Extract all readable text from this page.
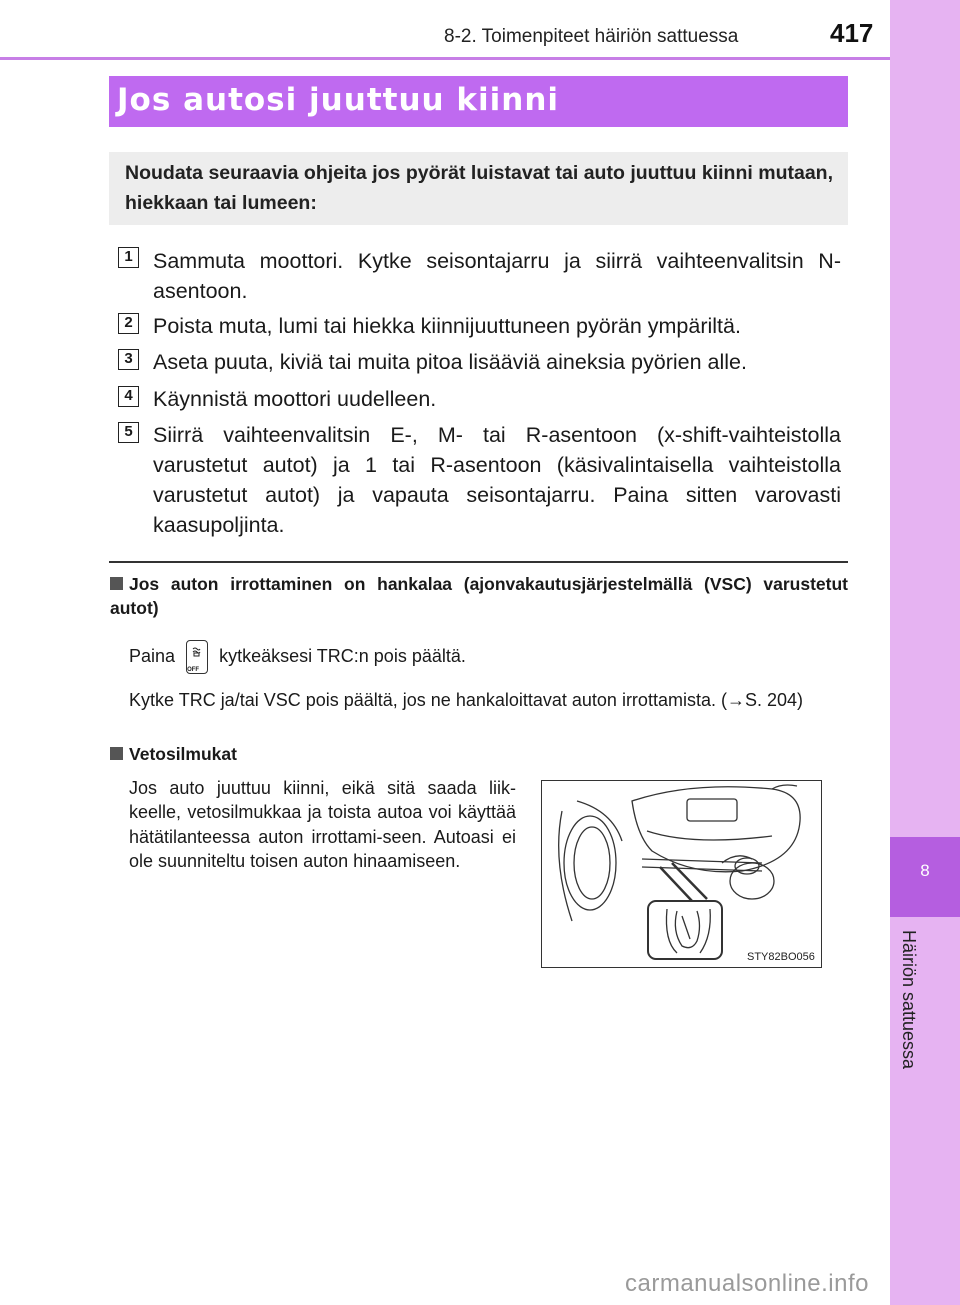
8-2. Toimenpiteet häiriön sattuessa	417
8
Häiriön sattuessa
Jos autosi juuttuu kiinni

Noudata seuraavia ohjeita jos pyörät luistavat tai auto juuttuu kiinni mutaan, hiekkaan tai lumeen:

1 Sammuta moottori. Kytke seisontajarru ja siirrä vaihteenvalitsin N-asentoon.
2 Poista muta, lumi tai hiekka kiinnijuuttuneen pyörän ympäriltä.
3 Aseta puuta, kiviä tai muita pitoa lisääviä aineksia pyörien alle.
4 Käynnistä moottori uudelleen.
5 Siirrä vaihteenvalitsin E-, M- tai R-asentoon (x-shift-vaihteistolla varustetut autot) ja 1 tai R-asentoon (käsivalintaisella vaihteistolla varustetut autot) ja vapauta seisontajarru. Paina sitten varovasti kaasupoljinta.
Jos auton irrottaminen on hankalaa (ajonvakautusjärjestelmällä (VSC) varustetut autot)
Paina
OFF
kytkeäksesi TRC:n pois päältä.
Kytke TRC ja/tai VSC pois päältä, jos ne hankaloittavat auton irrottamista. (→S. 204)
Vetosilmukat
Jos auto juuttuu kiinni, eikä sitä saada liik-keelle, vetosilmukkaa ja toista autoa voi käyttää hätätilanteessa auton irrottami-seen. Autoasi ei ole suunniteltu toisen auton hinaamiseen.
STY82BO056
carmanualsonline.info
